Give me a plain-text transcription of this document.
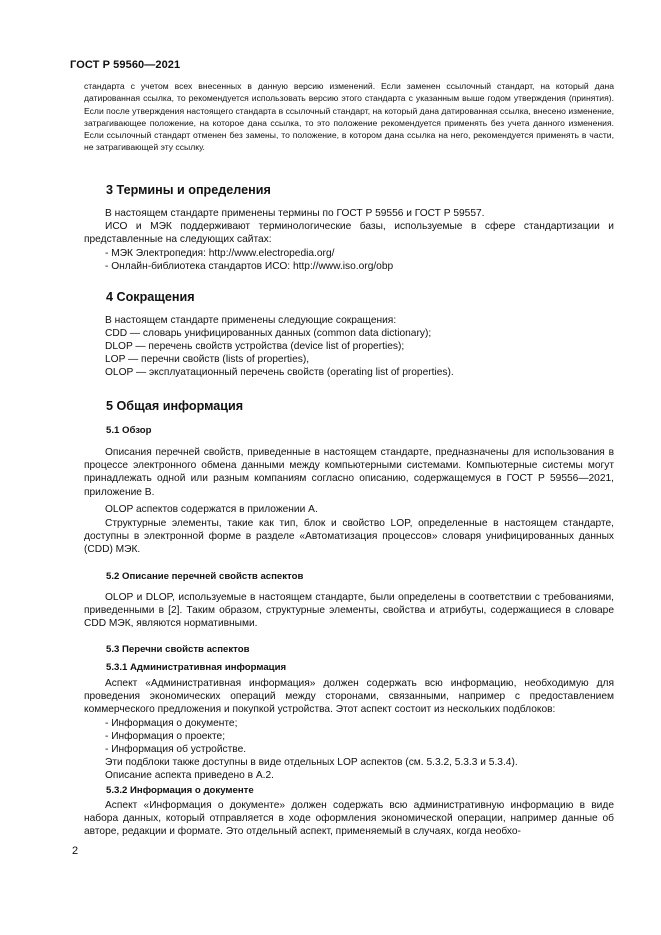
ГОСТ Р 59560—2021
стандарта с учетом всех внесенных в данную версию изменений. Если заменен ссылочный стандарт, на который дана датированная ссылка, то рекомендуется использовать версию этого стандарта с указанным выше годом утверждения (принятия). Если после утверждения настоящего стандарта в ссылочный стандарт, на который дана датированная ссылка, внесено изменение, затрагивающее положение, на которое дана ссылка, то это положение рекомендуется применять без учета данного изменения. Если ссылочный стандарт отменен без замены, то положение, в котором дана ссылка на него, рекомендуется применять в части, не затрагивающей эту ссылку.
3 Термины и определения
В настоящем стандарте применены термины по ГОСТ Р 59556 и ГОСТ Р 59557.
ИСО и МЭК поддерживают терминологические базы, используемые в сфере стандартизации и представленные на следующих сайтах:
- МЭК Электропедия: http://www.electropedia.org/
- Онлайн-библиотека стандартов ИСО: http://www.iso.org/obp
4 Сокращения
В настоящем стандарте применены следующие сокращения:
CDD — словарь унифицированных данных (common data dictionary);
DLOP — перечень свойств устройства (device list of properties);
LOP — перечни свойств (lists of properties),
OLOP — эксплуатационный перечень свойств (operating list of properties).
5 Общая информация
5.1 Обзор
Описания перечней свойств, приведенные в настоящем стандарте, предназначены для использования в процессе электронного обмена данными между компьютерными системами. Компьютерные системы могут принадлежать одной или разным компаниям согласно описанию, содержащемуся в ГОСТ Р 59556—2021, приложение В.
OLOP аспектов содержатся в приложении А.
Структурные элементы, такие как тип, блок и свойство LOP, определенные в настоящем стандарте, доступны в электронной форме в разделе «Автоматизация процессов» словаря унифицированных данных (CDD) МЭК.
5.2 Описание перечней свойств аспектов
OLOP и DLOP, используемые в настоящем стандарте, были определены в соответствии с требованиями, приведенными в [2]. Таким образом, структурные элементы, свойства и атрибуты, содержащиеся в словаре CDD МЭК, являются нормативными.
5.3 Перечни свойств аспектов
5.3.1 Административная информация
Аспект «Административная информация» должен содержать всю информацию, необходимую для проведения экономических операций между сторонами, связанными, например с предоставлением коммерческого предложения и покупкой устройства. Этот аспект состоит из нескольких подблоков:
- Информация о документе;
- Информация о проекте;
- Информация об устройстве.
Эти подблоки также доступны в виде отдельных LOP аспектов (см. 5.3.2, 5.3.3 и 5.3.4).
Описание аспекта приведено в А.2.
5.3.2 Информация о документе
Аспект «Информация о документе» должен содержать всю административную информацию в виде набора данных, который отправляется в ходе оформления экономической операции, например данные об авторе, редакции и формате. Это отдельный аспект, применяемый в случаях, когда необхо-
2
